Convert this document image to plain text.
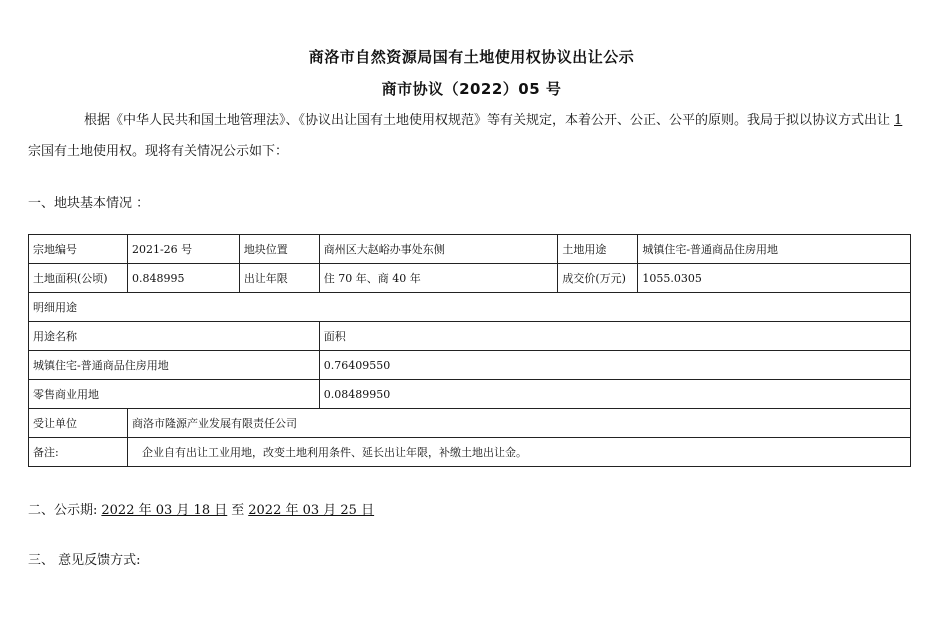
商洛市自然资源局国有土地使用权协议出让公示
商市协议（2022）05 号
根据《中华人民共和国土地管理法》、《协议出让国有土地使用权规范》等有关规定，本着公开、公正、公平的原则。我局于拟以协议方式出让 1宗国有土地使用权。现将有关情况公示如下：
一、地块基本情况 ：
宗地编号	2021-26 号	地块位置	商州区大赵峪办事处东侧	土地用途	城镇住宅-普通商品住房用地
土地面积(公顷)	0.848995	出让年限	住 70 年、商 40 年	成交价(万元)	1055.0305
明细用途					
用途名称			面积		
城镇住宅-普通商品住房用地			0.76409550		
零售商业用地			0.08489950		
受让单位	商洛市隆源产业发展有限责任公司				
备注:	企业自有出让工业用地，改变土地利用条件、延长出让年限，补缴土地出让金。				
二、公示期: 2022 年 03 月 18 日 至 2022 年 03 月 25 日
三、 意见反馈方式:
